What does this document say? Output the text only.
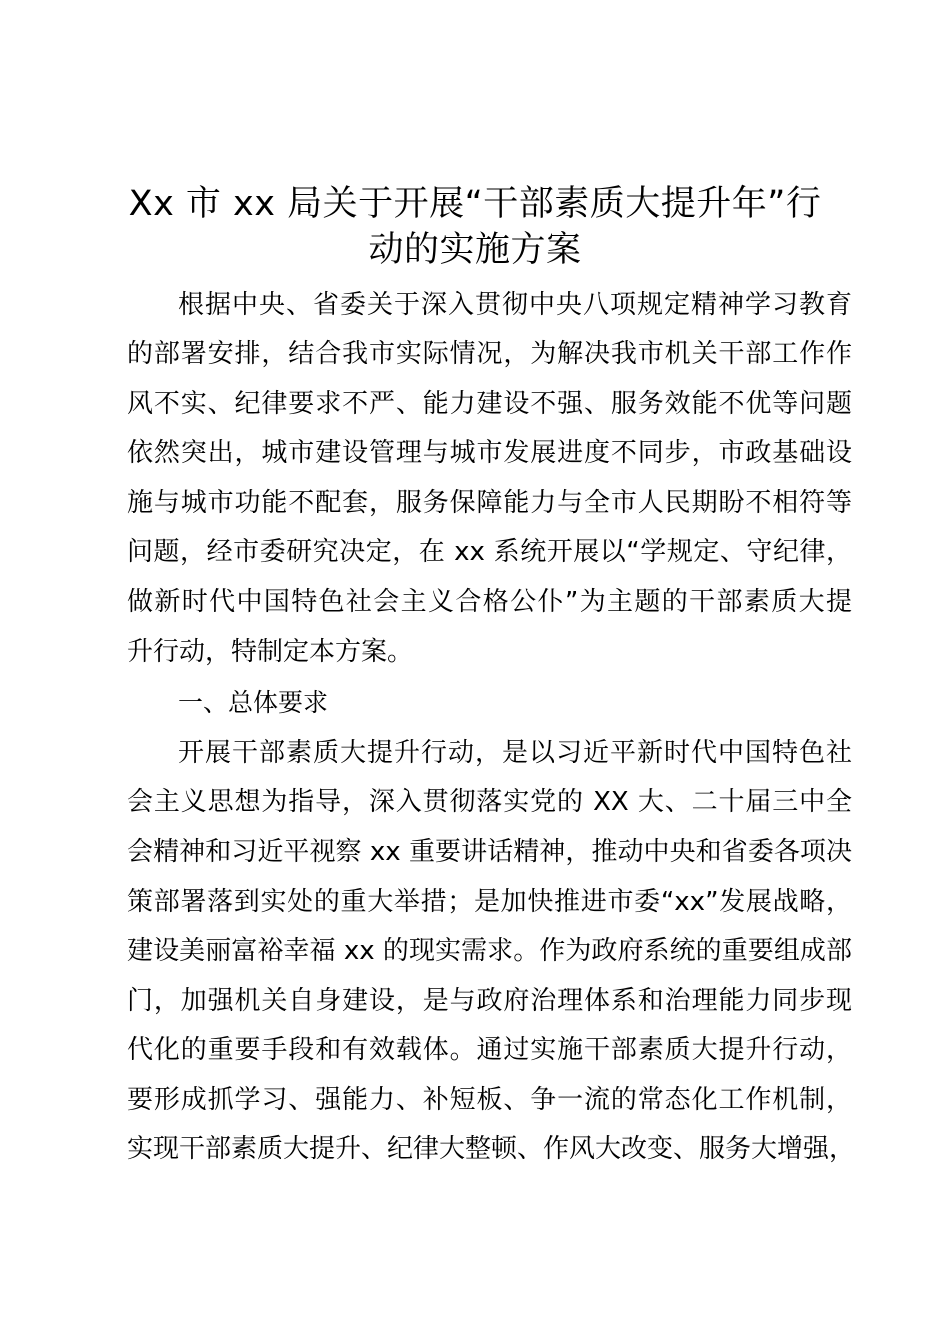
Xx 市 xx 局关于开展“干部素质大提升年”行
动的实施方案

根据中央、省委关于深入贯彻中央八项规定精神学习教育

的部署安排，结合我市实际情况，为解决我市机关干部工作作

风不实、纪律要求不严、能力建设不强、服务效能不优等问题

依然突出，城市建设管理与城市发展进度不同步，市政基础设

施与城市功能不配套，服务保障能力与全市人民期盼不相符等

问题，经市委研究决定，在 xx 系统开展以“学规定、守纪律，

做新时代中国特色社会主义合格公仆”为主题的干部素质大提

升行动，特制定本方案。

一、总体要求

开展干部素质大提升行动，是以习近平新时代中国特色社

会主义思想为指导，深入贯彻落实党的 XX 大、二十届三中全

会精神和习近平视察 xx 重要讲话精神，推动中央和省委各项决

策部署落到实处的重大举措；是加快推进市委“xx”发展战略，

建设美丽富裕幸福 xx 的现实需求。作为政府系统的重要组成部

门，加强机关自身建设，是与政府治理体系和治理能力同步现

代化的重要手段和有效载体。通过实施干部素质大提升行动，

要形成抓学习、强能力、补短板、争一流的常态化工作机制，

实现干部素质大提升、纪律大整顿、作风大改变、服务大增强，
